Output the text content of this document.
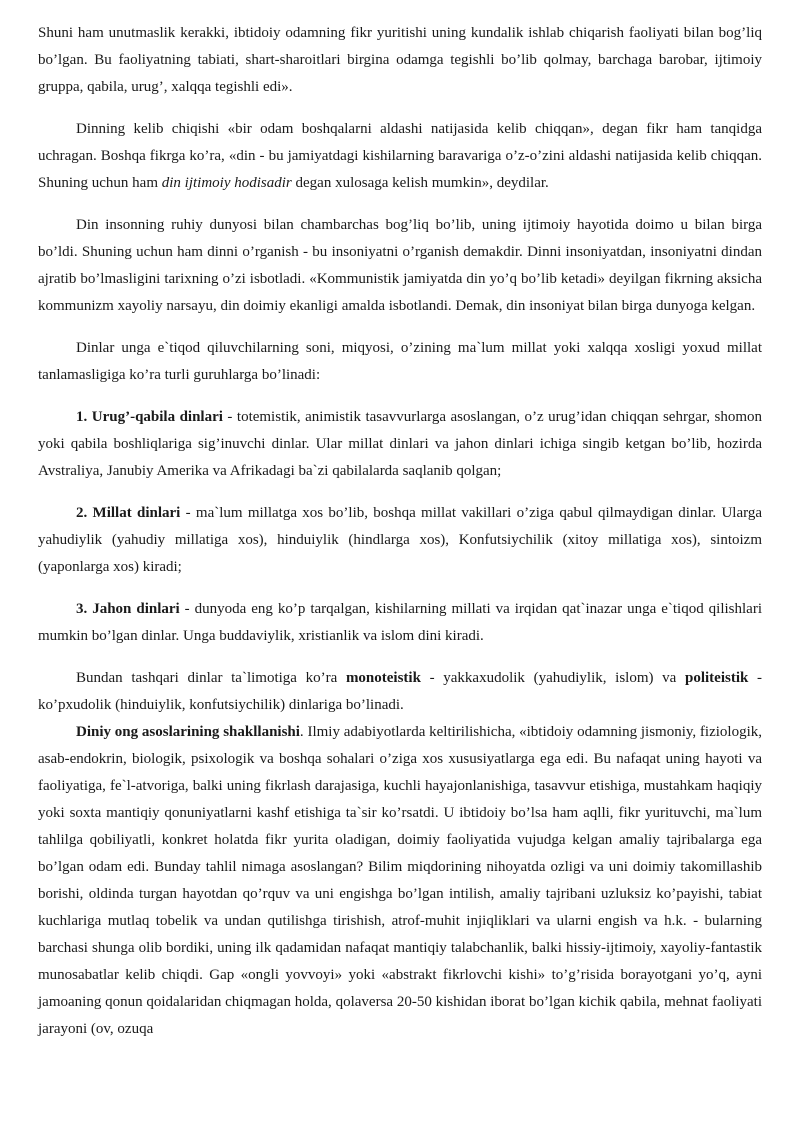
Shuni ham unutmaslik kerakki, ibtidoiy odamning fikr yuritishi uning kundalik ishlab chiqarish faoliyati bilan bog’liq bo’lgan. Bu faoliyatning tabiati, shart-sharoitlari birgina odamga tegishli bo’lib qolmay, barchaga barobar, ijtimoiy gruppa, qabila, urug’, xalqqa tegishli edi».

Dinning kelib chiqishi «bir odam boshqalarni aldashi natijasida kelib chiqqan», degan fikr ham tanqidga uchragan. Boshqa fikrga ko’ra, «din - bu jamiyatdagi kishilarning baravariga o’z-o’zini aldashi natijasida kelib chiqqan. Shuning uchun ham din ijtimoiy hodisadir degan xulosaga kelish mumkin», deydilar.

Din insonning ruhiy dunyosi bilan chambarchas bog’liq bo’lib, uning ijtimoiy hayotida doimo u bilan birga bo’ldi. Shuning uchun ham dinni o’rganish - bu insoniyatni o’rganish demakdir. Dinni insoniyatdan, insoniyatni dindan ajratib bo’lmasligini tarixning o’zi isbotladi. «Kommunistik jamiyatda din yo’q bo’lib ketadi» deyilgan fikrning aksicha kommunizm xayoliy narsayu, din doimiy ekanligi amalda isbotlandi. Demak, din insoniyat bilan birga dunyoga kelgan.

Dinlar unga e`tiqod qiluvchilarning soni, miqyosi, o’zining ma`lum millat yoki xalqqa xosligi yoxud millat tanlamasligiga ko’ra turli guruhlarga bo’linadi:

1. Urug’-qabila dinlari - totemistik, animistik tasavvurlarga asoslangan, o’z urug’idan chiqqan sehrgar, shomon yoki qabila boshliqlariga sig’inuvchi dinlar. Ular millat dinlari va jahon dinlari ichiga singib ketgan bo’lib, hozirda Avstraliya, Janubiy Amerika va Afrikadagi ba`zi qabilalarda saqlanib qolgan;

2. Millat dinlari - ma`lum millatga xos bo’lib, boshqa millat vakillari o’ziga qabul qilmaydigan dinlar. Ularga yahudiylik (yahudiy millatiga xos), hinduiylik (hindlarga xos), Konfutsiychilik (xitoy millatiga xos), sintoizm (yaponlarga xos) kiradi;

3. Jahon dinlari - dunyoda eng ko’p tarqalgan, kishilarning millati va irqidan qat`inazar unga e`tiqod qilishlari mumkin bo’lgan dinlar. Unga buddaviylik, xristianlik va islom dini kiradi.

Bundan tashqari dinlar ta`limotiga ko’ra monoteistik - yakkaxudolik (yahudiylik, islom) va politeistik - ko’pxudolik (hinduiylik, konfutsiychilik) dinlariga bo’linadi.

Diniy ong asoslarining shakllanishi. Ilmiy adabiyotlarda keltirilishicha, «ibtidoiy odamning jismoniy, fiziologik, asab-endokrin, biologik, psixologik va boshqa sohalari o’ziga xos xususiyatlarga ega edi. Bu nafaqat uning hayoti va faoliyatiga, fe`l-atvoriga, balki uning fikrlash darajasiga, kuchli hayajonlanishiga, tasavvur etishiga, mustahkam haqiqiy yoki soxta mantiqiy qonuniyatlarni kashf etishiga ta`sir ko’rsatdi. U ibtidoiy bo’lsa ham aqlli, fikr yurituvchi, ma`lum tahlilga qobiliyatli, konkret holatda fikr yurita oladigan, doimiy faoliyatida vujudga kelgan amaliy tajribalarga ega bo’lgan odam edi. Bunday tahlil nimaga asoslangan? Bilim miqdorining nihoyatda ozligi va uni doimiy takomillashib borishi, oldinda turgan hayotdan qo’rquv va uni engishga bo’lgan intilish, amaliy tajribani uzluksiz ko’payishi, tabiat kuchlariga mutlaq tobelik va undan qutilishga tirishish, atrof-muhit injiqliklari va ularni engish va h.k. - bularning barchasi shunga olib bordiki, uning ilk qadamidan nafaqat mantiqiy talabchanlik, balki hissiy-ijtimoiy, xayoliy-fantastik munosabatlar kelib chiqdi. Gap «ongli yovvoyi» yoki «abstrakt fikrlovchi kishi» to’g’risida borayotgani yo’q, ayni jamoaning qonun qoidalaridan chiqmagan holda, qolaversa 20-50 kishidan iborat bo’lgan kichik qabila, mehnat faoliyati jarayoni (ov, ozuqa
